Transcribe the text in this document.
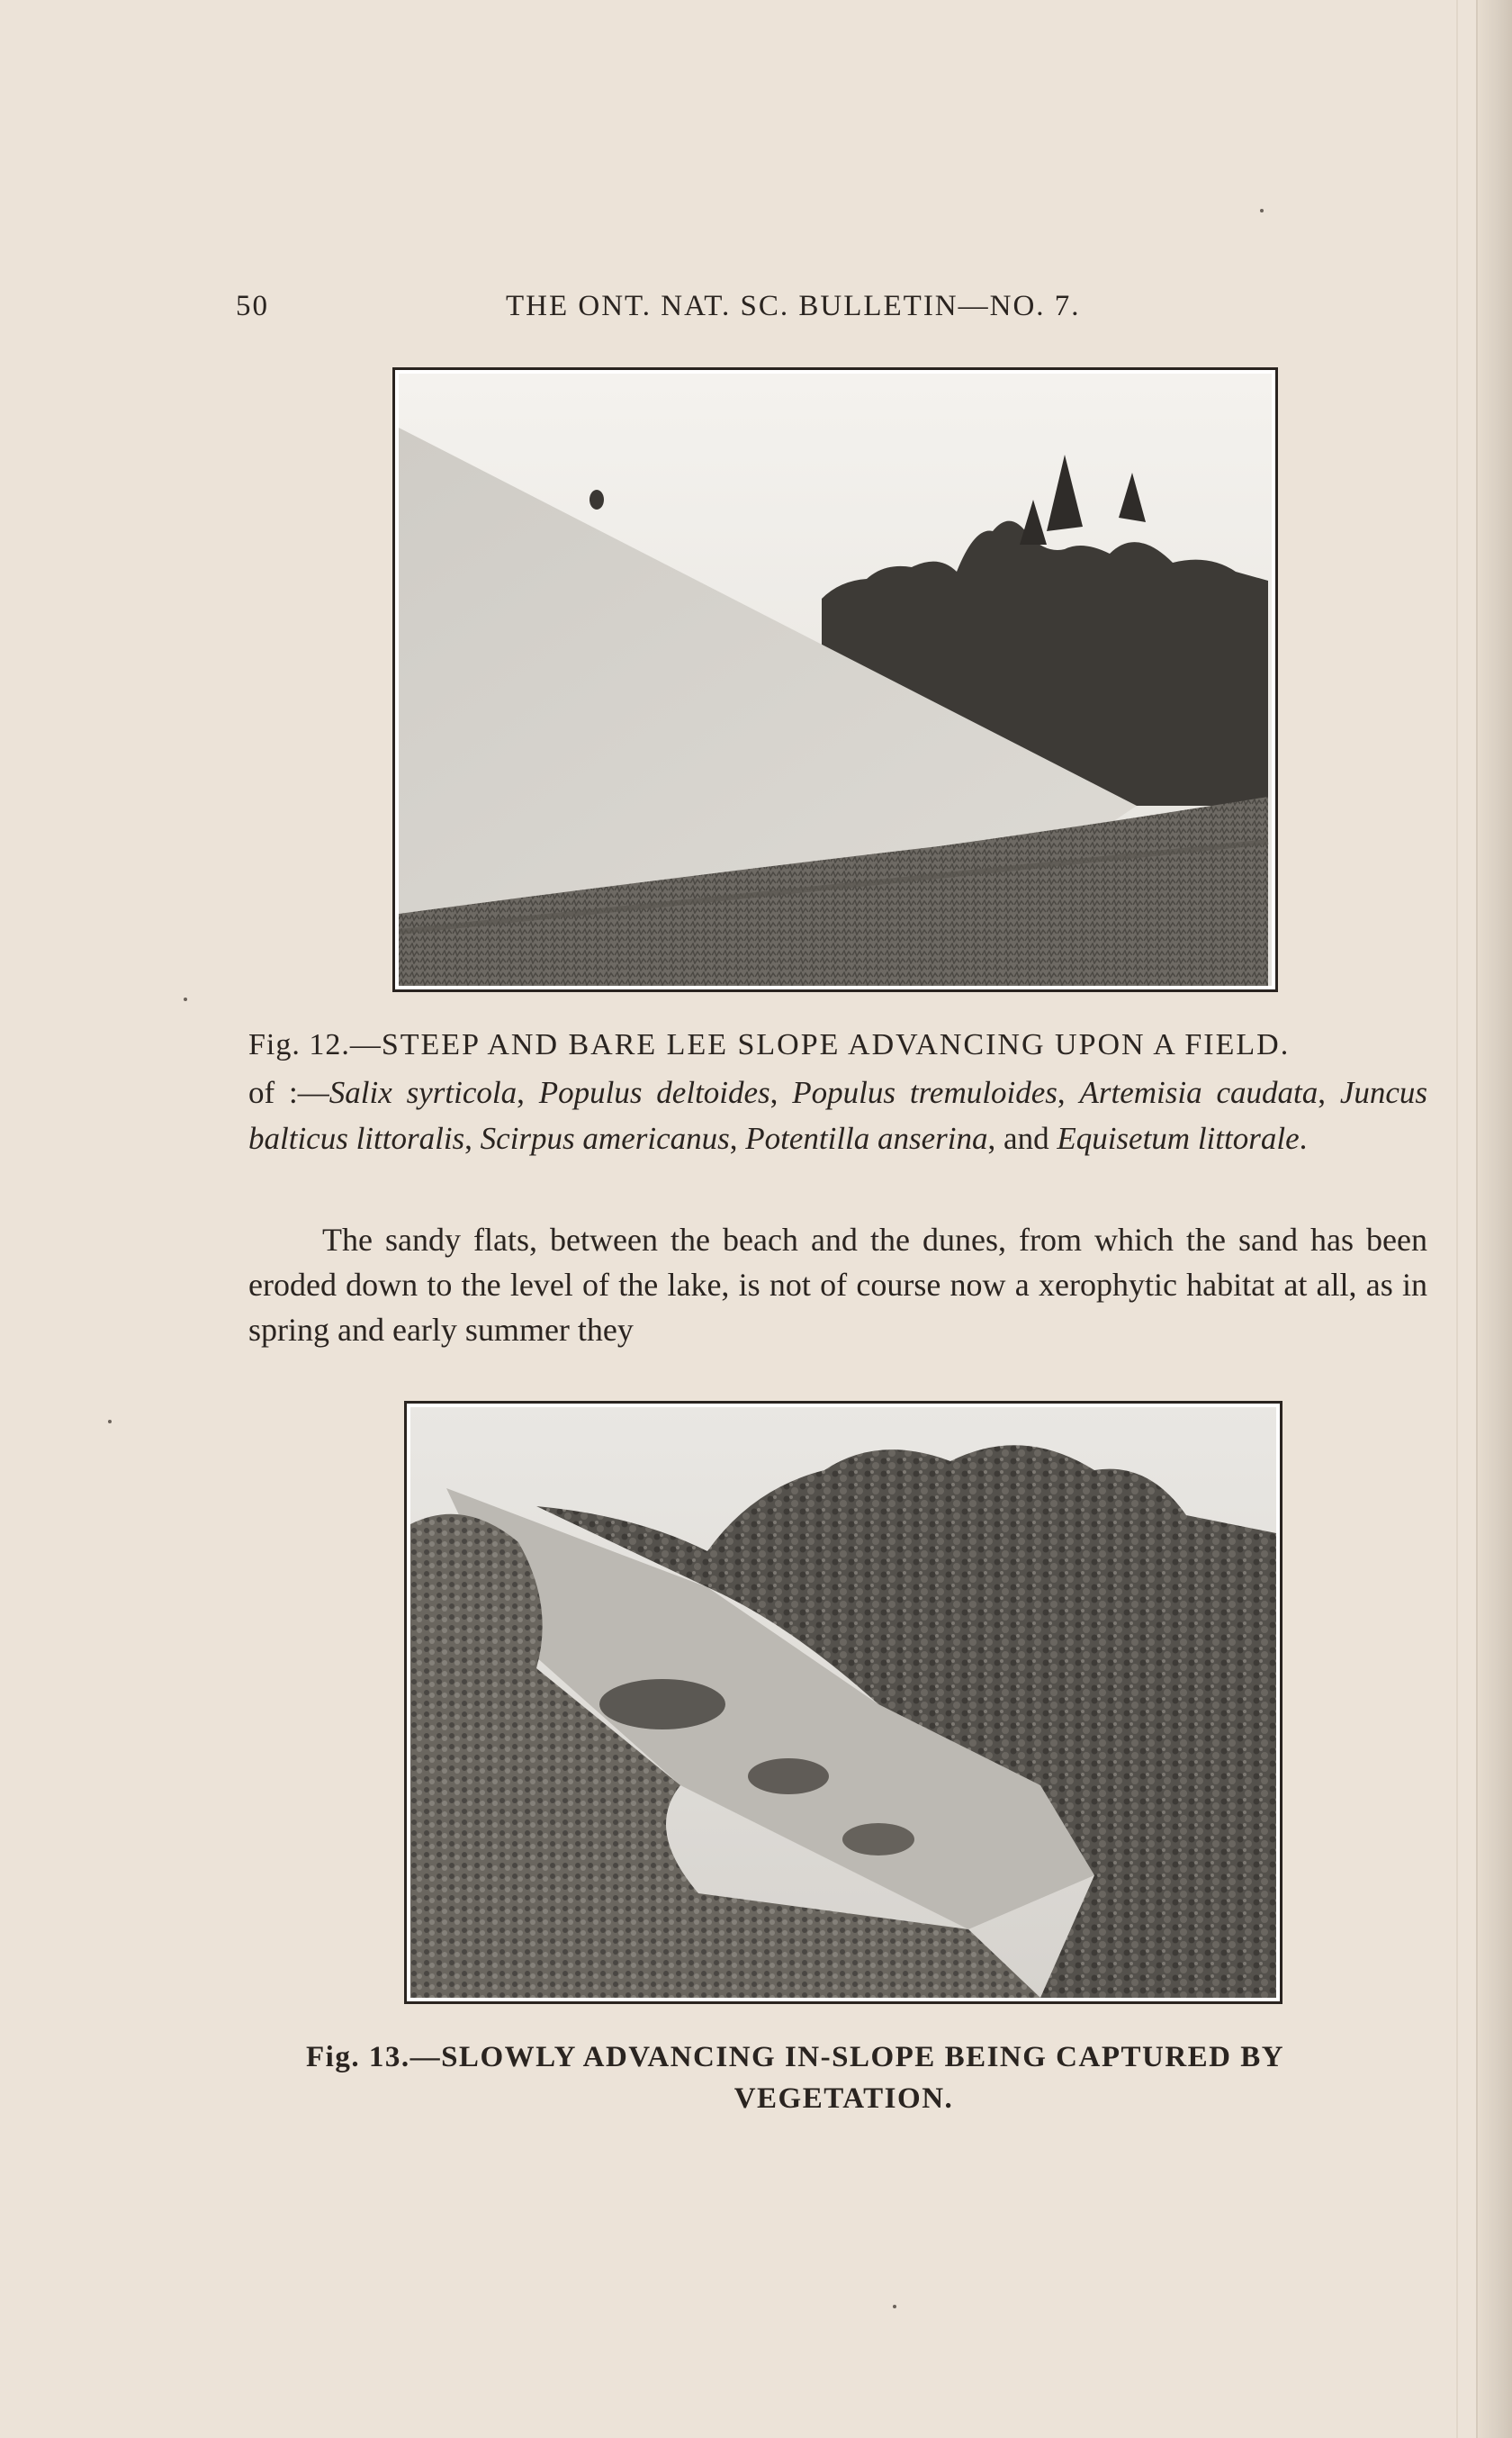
50	THE ONT. NAT. SC. BULLETIN—NO. 7.
Fig. 12.—STEEP AND BARE LEE SLOPE ADVANCING UPON A FIELD.
of :—Salix syrticola, Populus deltoides, Populus tremuloides, Artemisia caudata, Juncus balticus littoralis, Scirpus americanus, Potentilla anserina, and Equisetum littorale.
The sandy flats, between the beach and the dunes, from which the sand has been eroded down to the level of the lake, is not of course now a xerophytic habitat at all, as in spring and early summer they
Fig. 13.—SLOWLY ADVANCING IN-SLOPE BEING CAPTURED BY
VEGETATION.
